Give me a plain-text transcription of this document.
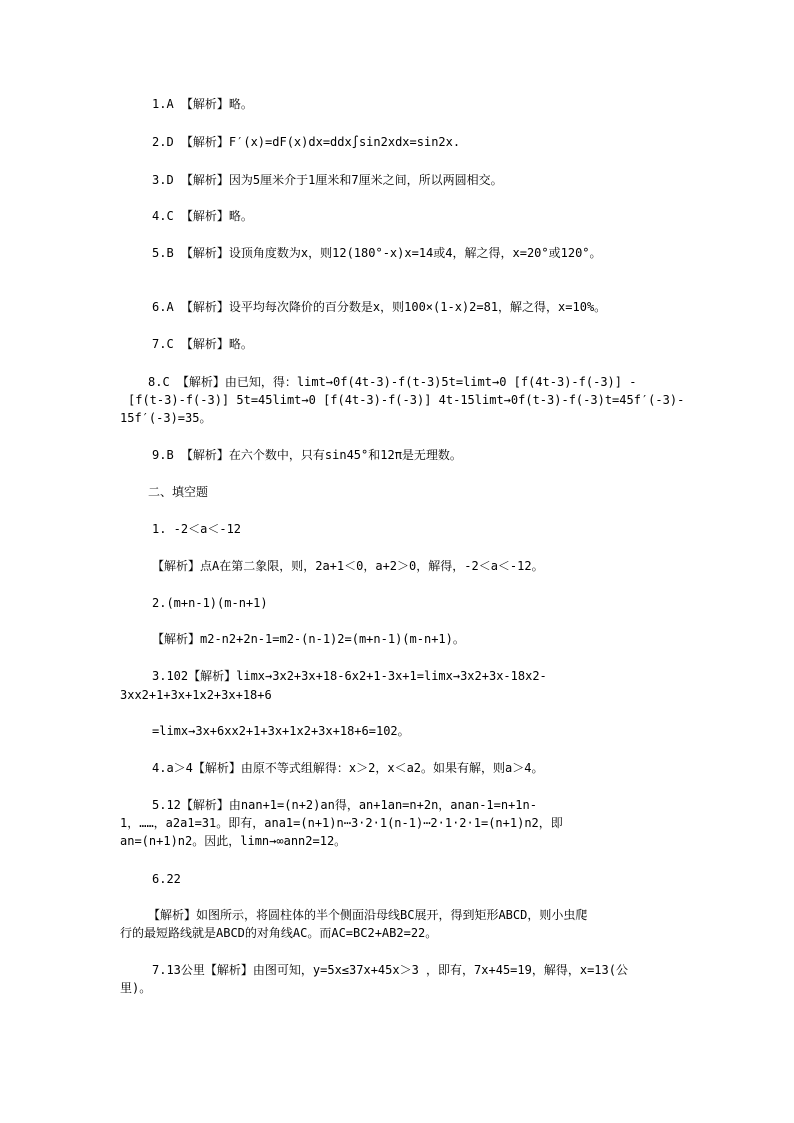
1.A 【解析】略。
2.D 【解析】F′(x)=dF(x)dx=ddx∫sin2xdx=sin2x.
3.D 【解析】因为5厘米介于1厘米和7厘米之间，所以两圆相交。
4.C 【解析】略。
5.B 【解析】设顶角度数为x，则12(180°-x)x=14或4，解之得，x=20°或120°。
6.A 【解析】设平均每次降价的百分数是x，则100×(1-x)2=81，解之得，x=10%。
7.C 【解析】略。
8.C 【解析】由已知，得：limt→0f(4t-3)-f(t-3)5t=limt→0 [f(4t-3)-f(-3)] -
[f(t-3)-f(-3)] 5t=45limt→0 [f(4t-3)-f(-3)] 4t-15limt→0f(t-3)-f(-3)t=45f′(-3)-
15f′(-3)=35。
9.B 【解析】在六个数中，只有sin45°和12π是无理数。
二、填空题
1. -2＜a＜-12
【解析】点A在第二象限，则，2a+1＜0，a+2＞0，解得，-2＜a＜-12。
2.(m+n-1)(m-n+1)
【解析】m2-n2+2n-1=m2-(n-1)2=(m+n-1)(m-n+1)。
3.102【解析】limx→3x2+3x+18-6x2+1-3x+1=limx→3x2+3x-18x2-
3xx2+1+3x+1x2+3x+18+6
=limx→3x+6xx2+1+3x+1x2+3x+18+6=102。
4.a＞4【解析】由原不等式组解得：x＞2，x＜a2。如果有解，则a＞4。
5.12【解析】由nan+1=(n+2)an得，an+1an=n+2n，anan-1=n+1n-
1，……，a2a1=31。即有，ana1=(n+1)n⋯3·2·1(n-1)⋯2·1·2·1=(n+1)n2，即
an=(n+1)n2。因此，limn→∞ann2=12。
6.22
【解析】如图所示，将圆柱体的半个侧面沿母线BC展开，得到矩形ABCD，则小虫爬
行的最短路线就是ABCD的对角线AC。而AC=BC2+AB2=22。
7.13公里【解析】由图可知，y=5x≤37x+45x＞3 ，即有，7x+45=19，解得，x=13(公
里)。
